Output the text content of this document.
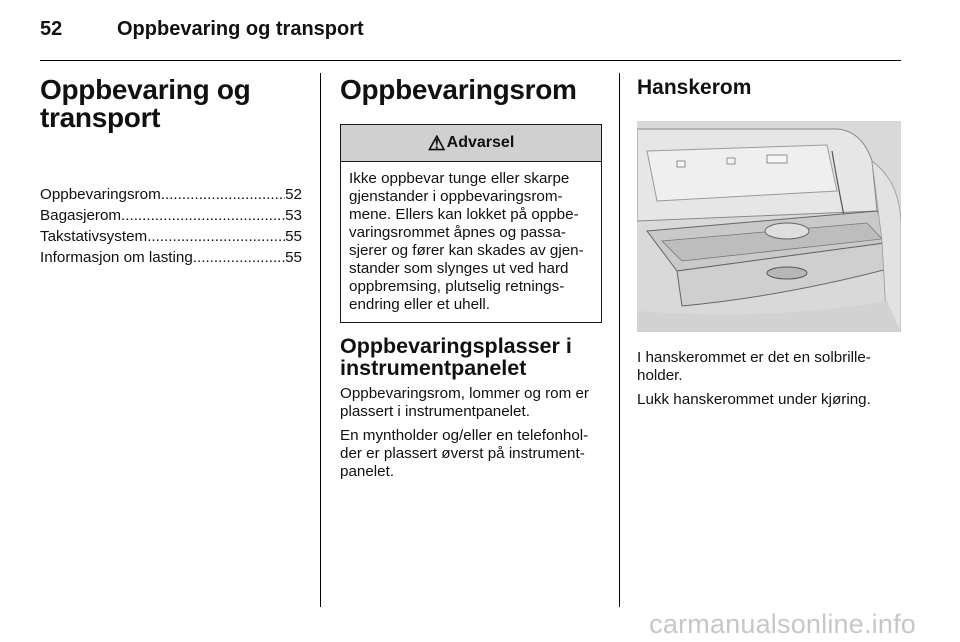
52	Oppbevaring og transport
Oppbevaring og
transport
Oppbevaringsrom .....	52
Bagasjerom .....	53
Takstativsystem .....	55
Informasjon om lasting .....	55
Oppbevaringsrom
⚠ Advarsel
Ikke oppbevar tunge eller skarpe
gjenstander i oppbevaringsrom-
mene. Ellers kan lokket på oppbe-
varingsrommet åpnes og passa-
sjerer og fører kan skades av gjen-
stander som slynges ut ved hard
oppbremsing, plutselig retnings-
endring eller et uhell.
Oppbevaringsplasser i
instrumentpanelet
Oppbevaringsrom, lommer og rom er
plassert i instrumentpanelet.
En myntholder og/eller en telefonhol-
der er plassert øverst på instrument-
panelet.
Hanskerom
I hanskerommet er det en solbrille-
holder.
Lukk hanskerommet under kjøring.
carmanualsonline.info
